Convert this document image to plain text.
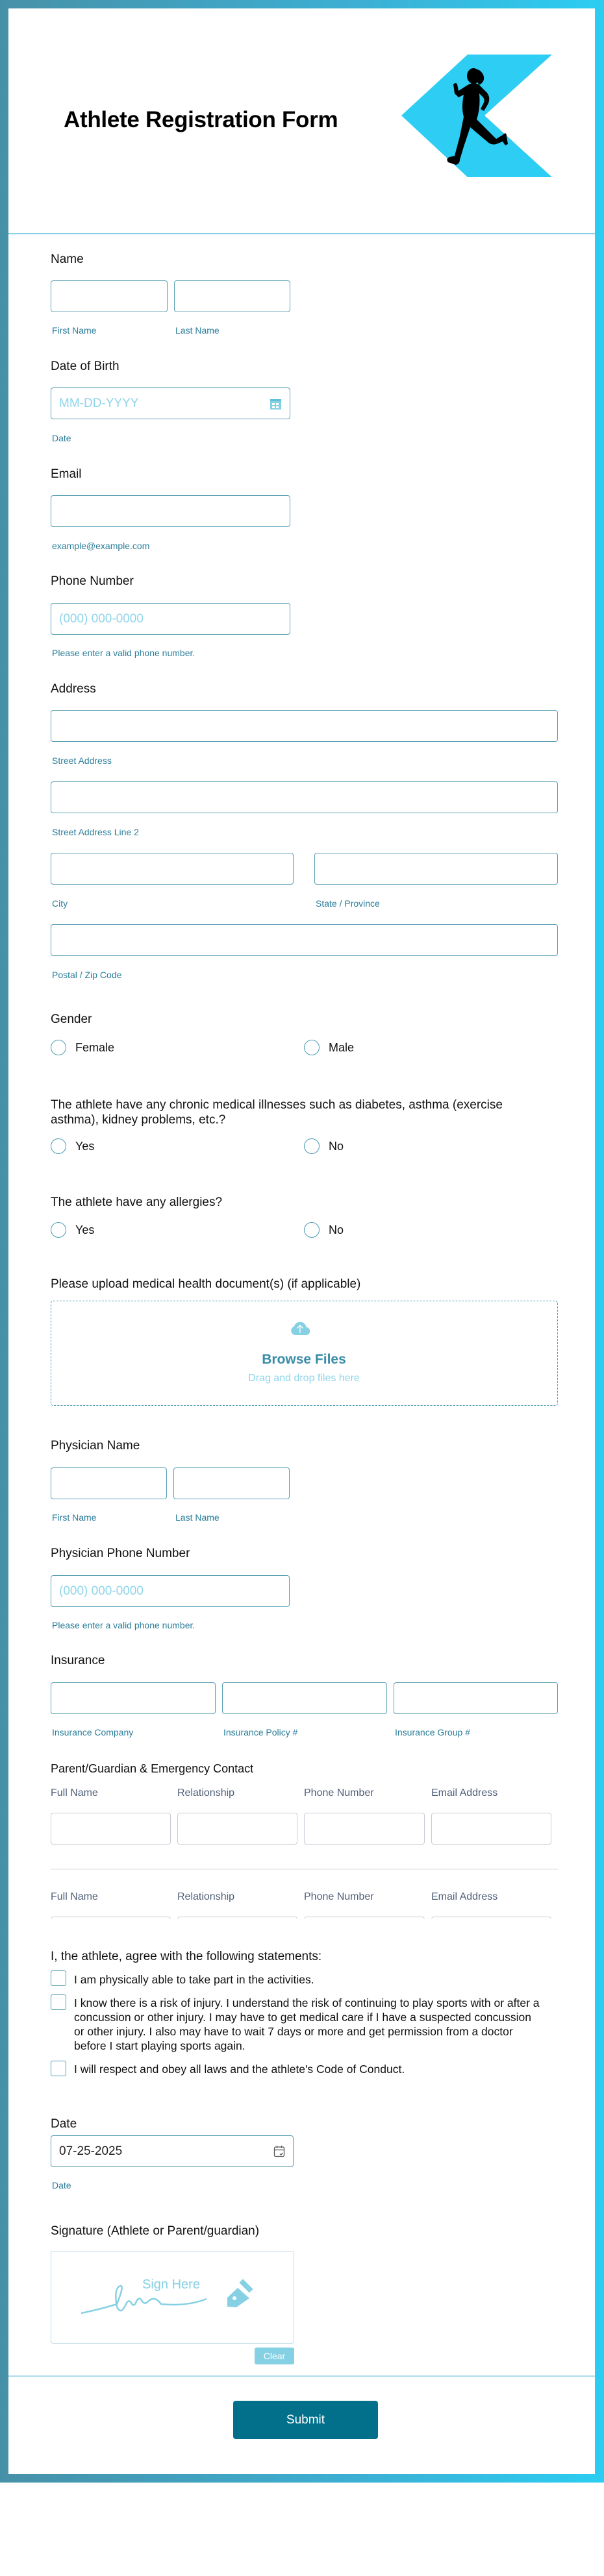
Athlete Registration Form
Name
First Name	Last Name
Date of Birth
MM-DD-YYYY
Date
Email
example@example.com
Phone Number
(000) 000-0000
Please enter a valid phone number.
Address
Street Address
Street Address Line 2
City	State / Province
Postal / Zip Code
Gender
Female	Male
The athlete have any chronic medical illnesses such as diabetes, asthma (exercise asthma), kidney problems, etc.?
Yes	No
The athlete have any allergies?
Yes	No
Please upload medical health document(s) (if applicable)
Browse Files
Drag and drop files here
Physician Name
First Name	Last Name
Physician Phone Number
(000) 000-0000
Please enter a valid phone number.
Insurance
Insurance Company	Insurance Policy #	Insurance Group #
Parent/Guardian & Emergency Contact
Full Name	Relationship	Phone Number	Email Address
Full Name	Relationship	Phone Number	Email Address
I, the athlete, agree with the following statements:
I am physically able to take part in the activities.
I know there is a risk of injury. I understand the risk of continuing to play sports with or after a concussion or other injury. I may have to get medical care if I have a suspected concussion or other injury. I also may have to wait 7 days or more and get permission from a doctor before I start playing sports again.
I will respect and obey all laws and the athlete's Code of Conduct.
Date
07-25-2025
Date
Signature (Athlete or Parent/guardian)
Sign Here
Clear
Submit
